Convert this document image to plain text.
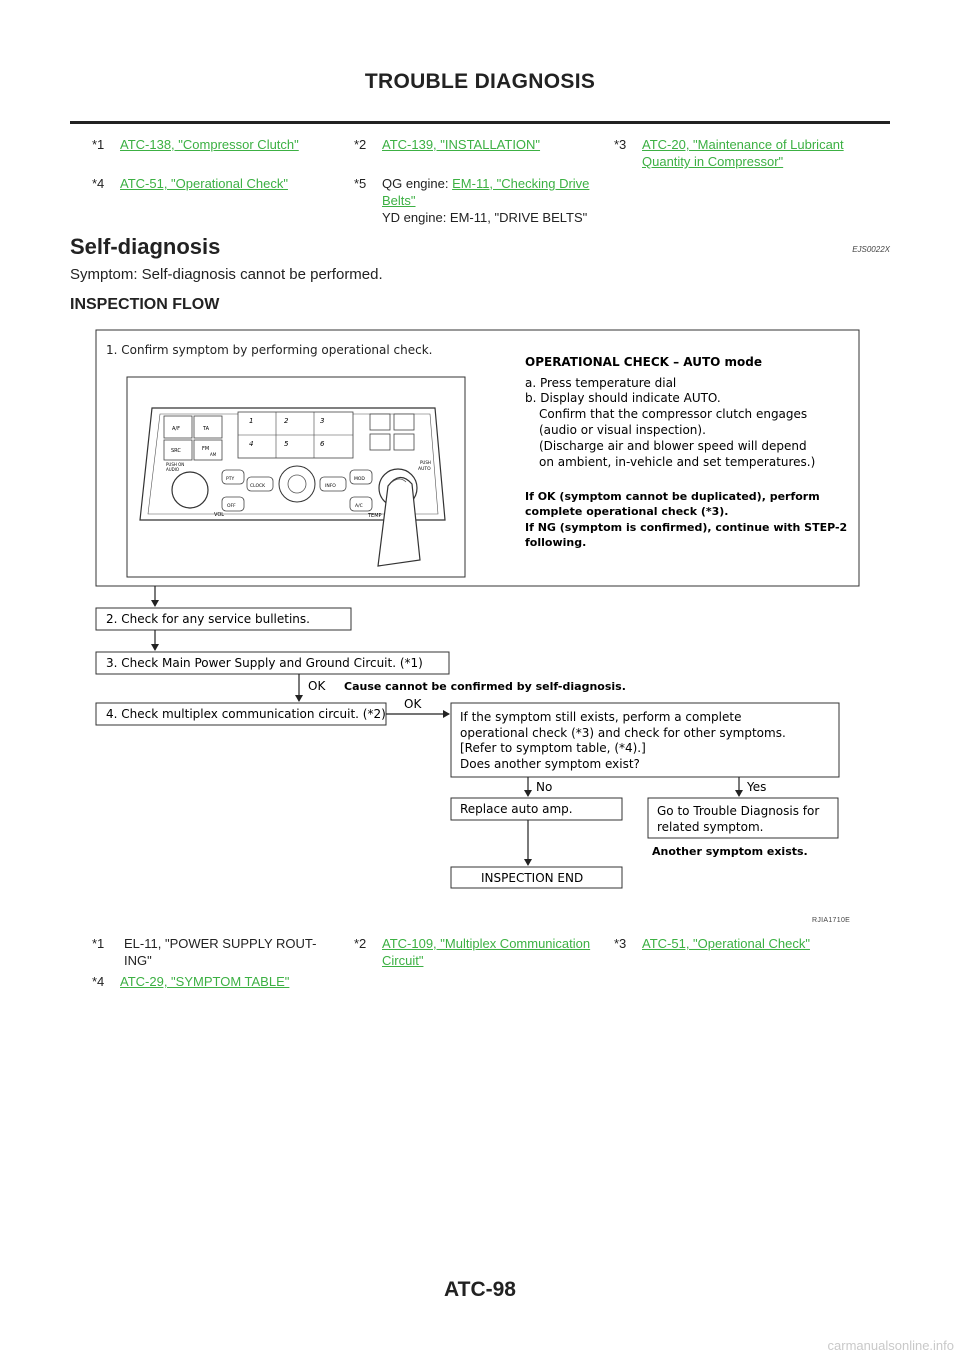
TROUBLE DIAGNOSIS
*1 ATC-138, "Compressor Clutch"	*2 ATC-139, "INSTALLATION"	*3 ATC-20, "Maintenance of Lubricant Quantity in Compressor"
*4 ATC-51, "Operational Check"	*5 QG engine: EM-11, "Checking Drive Belts"
YD engine: EM-11, "DRIVE BELTS"
Self-diagnosis	EJS0022X
Symptom: Self-diagnosis cannot be performed.
INSPECTION FLOW
1. Confirm symptom by performing operational check.
A/F	TA
SRC	FM
AM
1	2	3
4	5	6
PUSH ON
AUDIO
VOL
PTY
OFF
CLOCK	INFO
MOD
A/C
PUSH
AUTO
TEMP
OPERATIONAL CHECK – AUTO mode
a. Press temperature dial
b. Display should indicate AUTO.
Confirm that the compressor clutch engages
(audio or visual inspection).
(Discharge air and blower speed will depend
on ambient, in-vehicle and set temperatures.)
If OK (symptom cannot be duplicated), perform
complete operational check (*3).
If NG (symptom is confirmed), continue with STEP-2
following.
2. Check for any service bulletins.
3. Check Main Power Supply and Ground Circuit. (*1)
OK Cause cannot be confirmed by self-diagnosis.
4. Check multiplex communication circuit. (*2)
OK
If the symptom still exists, perform a complete
operational check (*3) and check for other symptoms.
[Refer to symptom table, (*4).]
Does another symptom exist?
No	Yes
Replace auto amp.	Go to Trouble Diagnosis for
related symptom.
Another symptom exists.
INSPECTION END
RJIA1710E
*1 EL-11, "POWER SUPPLY ROUT-
ING"
*2 ATC-109, "Multiplex Communication Circuit"
*3 ATC-51, "Operational Check"
*4 ATC-29, "SYMPTOM TABLE"
ATC-98
carmanualsonline.info
